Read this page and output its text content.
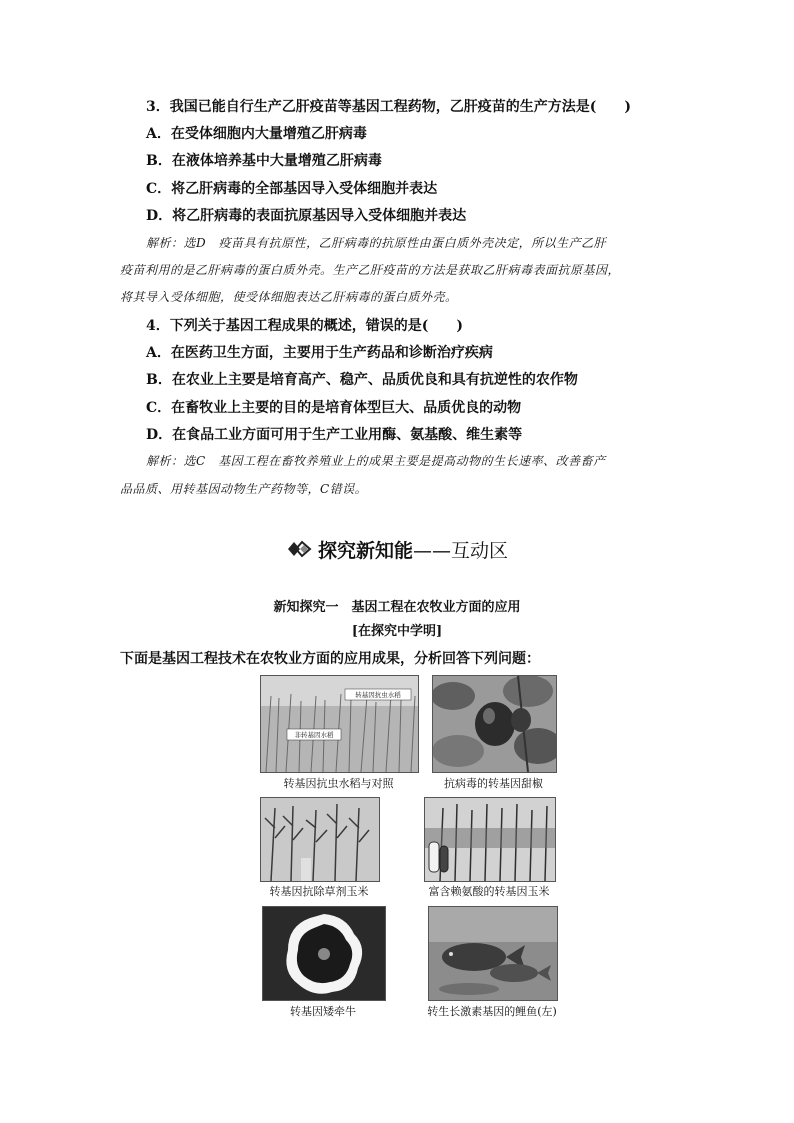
3．我国已能自行生产乙肝疫苗等基因工程药物，乙肝疫苗的生产方法是(　　)
A．在受体细胞内大量增殖乙肝病毒
B．在液体培养基中大量增殖乙肝病毒
C．将乙肝病毒的全部基因导入受体细胞并表达
D．将乙肝病毒的表面抗原基因导入受体细胞并表达
解析：选D　疫苗具有抗原性，乙肝病毒的抗原性由蛋白质外壳决定，所以生产乙肝
疫苗利用的是乙肝病毒的蛋白质外壳。生产乙肝疫苗的方法是获取乙肝病毒表面抗原基因，
将其导入受体细胞，使受体细胞表达乙肝病毒的蛋白质外壳。
4．下列关于基因工程成果的概述，错误的是(　　)
A．在医药卫生方面，主要用于生产药品和诊断治疗疾病
B．在农业上主要是培育高产、稳产、品质优良和具有抗逆性的农作物
C．在畜牧业上主要的目的是培育体型巨大、品质优良的动物
D．在食品工业方面可用于生产工业用酶、氨基酸、维生素等
解析：选C　基因工程在畜牧养殖业上的成果主要是提高动物的生长速率、改善畜产
品品质、用转基因动物生产药物等，C错误。
探究新知能——互动区
新知探究一　基因工程在农牧业方面的应用
[在探究中学明]
下面是基因工程技术在农牧业方面的应用成果，分析回答下列问题：
转基因抗虫水稻
非转基因水稻
转基因抗虫水稻与对照	抗病毒的转基因甜椒
转基因抗除草剂玉米	富含赖氨酸的转基因玉米
转基因矮牵牛	转生长激素基因的鲤鱼(左)
